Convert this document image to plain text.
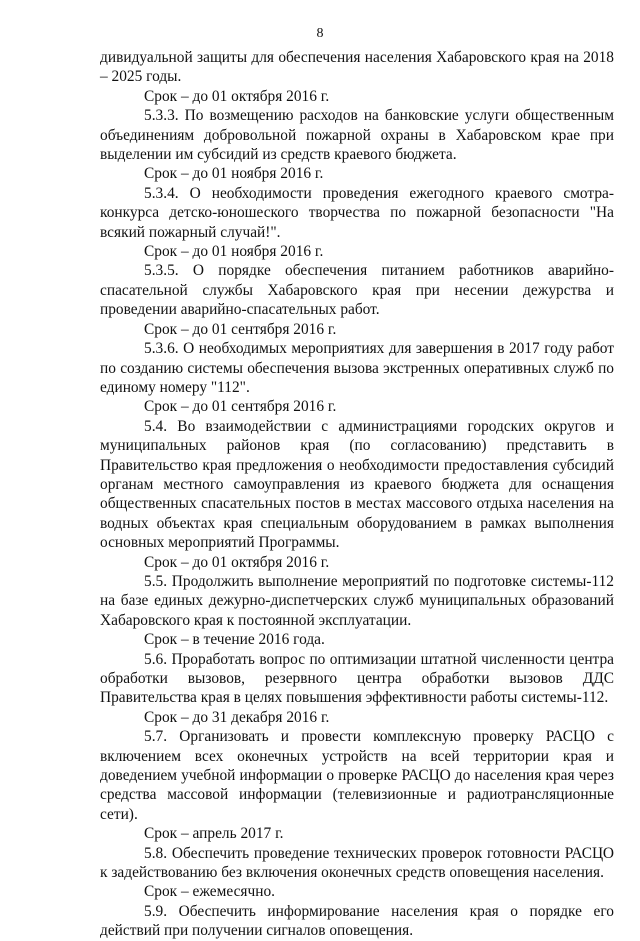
8

дивидуальной защиты для обеспечения населения Хабаровского края на 2018 – 2025 годы.

Срок – до 01 октября 2016 г.

5.3.3. По возмещению расходов на банковские услуги общественным объединениям добровольной пожарной охраны в Хабаровском крае при выделении им субсидий из средств краевого бюджета.

Срок – до 01 ноября 2016 г.

5.3.4. О необходимости проведения ежегодного краевого смотра-конкурса детско-юношеского творчества по пожарной безопасности "На всякий пожарный случай!".

Срок – до 01 ноября 2016 г.

5.3.5. О порядке обеспечения питанием работников аварийно-спасательной службы Хабаровского края при несении дежурства и проведении аварийно-спасательных работ.

Срок – до 01 сентября 2016 г.

5.3.6. О необходимых мероприятиях для завершения в 2017 году работ по созданию системы обеспечения вызова экстренных оперативных служб по единому номеру "112".

Срок – до 01 сентября 2016 г.

5.4. Во взаимодействии с администрациями городских округов и муниципальных районов края (по согласованию) представить в Правительство края предложения о необходимости предоставления субсидий органам местного самоуправления из краевого бюджета для оснащения общественных спасательных постов в местах массового отдыха населения на водных объектах края специальным оборудованием в рамках выполнения основных мероприятий Программы.

Срок – до 01 октября 2016 г.

5.5. Продолжить выполнение мероприятий по подготовке системы-112 на базе единых дежурно-диспетчерских служб муниципальных образований Хабаровского края к постоянной эксплуатации.

Срок – в течение 2016 года.

5.6. Проработать вопрос по оптимизации штатной численности центра обработки вызовов, резервного центра обработки вызовов ДДС Правительства края в целях повышения эффективности работы системы-112.

Срок – до 31 декабря 2016 г.

5.7. Организовать и провести комплексную проверку РАСЦО с включением всех оконечных устройств на всей территории края и доведением учебной информации о проверке РАСЦО до населения края через средства массовой информации (телевизионные и радиотрансляционные сети).

Срок – апрель 2017 г.

5.8. Обеспечить проведение технических проверок готовности РАСЦО к задействованию без включения оконечных средств оповещения населения.

Срок – ежемесячно.

5.9. Обеспечить информирование населения края о порядке его действий при получении сигналов оповещения.
